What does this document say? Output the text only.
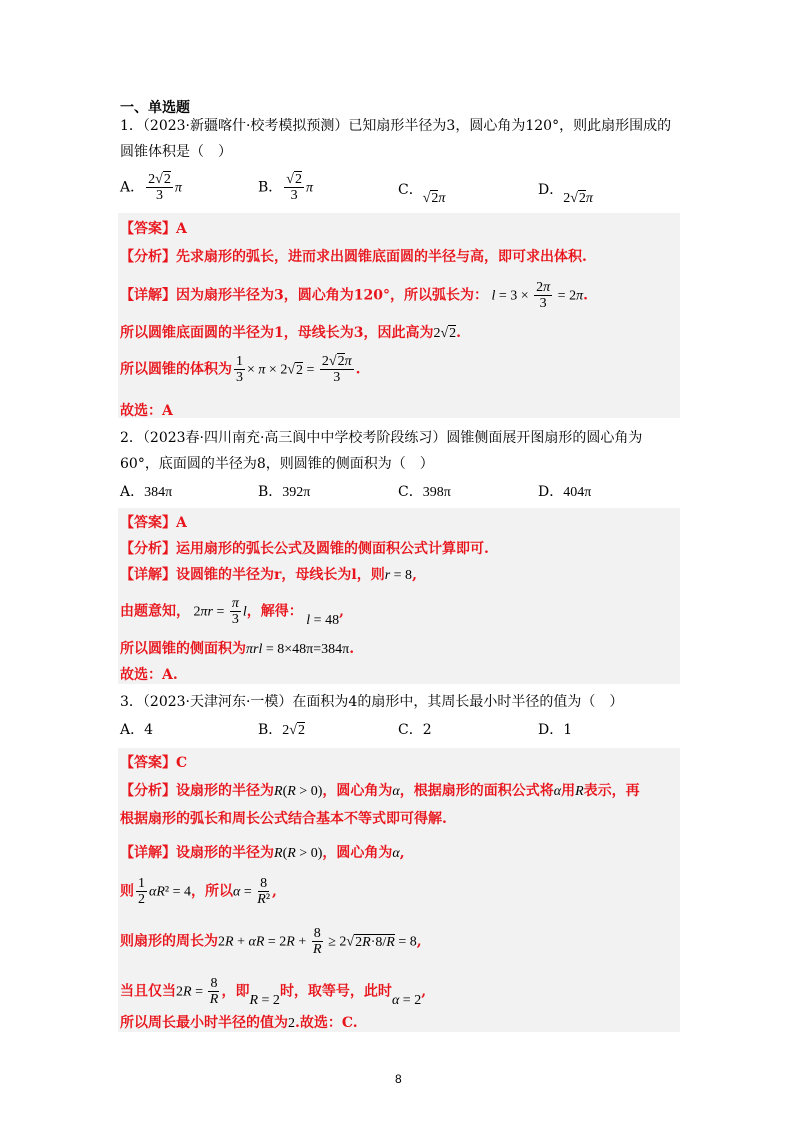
一、单选题
1．（2023·新疆喀什·校考模拟预测）已知扇形半径为3，圆心角为120°，则此扇形围成的
圆锥体积是（　）
A． $\frac{2√2}{3}$ π	B． $\frac{√2}{3}$ π	C．√2π
D．2√2π
【答案】A
【分析】先求扇形的弧长，进而求出圆锥底面圆的半径与高，即可求出体积.
【详解】因为扇形半径为3，圆心角为120°，所以弧长为： $l = 3 \times \frac{2\pi}{3} = 2\pi$.
所以圆锥底面圆的半径为1，母线长为3，因此高为2√2.
所以圆锥的体积为 $\frac{1}{3} \times \pi \times 2√2 = \frac{2√2\pi}{3}$ .
故选：A
2．（2023春·四川南充·高三阆中中学校考阶段练习）圆锥侧面展开图扇形的圆心角为
60°，底面圆的半径为8，则圆锥的侧面积为（　）
A．384π	B．392π	C．398π	D．404π
【答案】A
【分析】运用扇形的弧长公式及圆锥的侧面积公式计算即可.
【详解】设圆锥的半径为r，母线长为l，则r = 8,
由题意知， $2\pi r = \frac{\pi}{3}$ l，解得： l = 48,
所以圆锥的侧面积为πrl = 8×48π=384π.
故选：A.
3．（2023·天津河东·一模）在面积为4的扇形中，其周长最小时半径的值为（　）
A．4	B．2√2	C．2	D．1
【答案】C
【分析】设扇形的半径为R(R > 0)，圆心角为α，根据扇形的面积公式将α用R表示，再
根据扇形的弧长和周长公式结合基本不等式即可得解.
【详解】设扇形的半径为R(R > 0)，圆心角为α,
则 $\frac{1}{2} \alpha R^2 = 4$，所以$\alpha = \frac{8}{\text{R²}}$ ,
则扇形的周长为$2R + \alpha R = 2R + \frac{8}{R} \ge 2√2R\cdot 8/R = 8$,
当且仅当$2R = \frac{8}{R}$ ，即R = 2时，取等号，此时α = 2,
所以周长最小时半径的值为2.故选：C.
8
